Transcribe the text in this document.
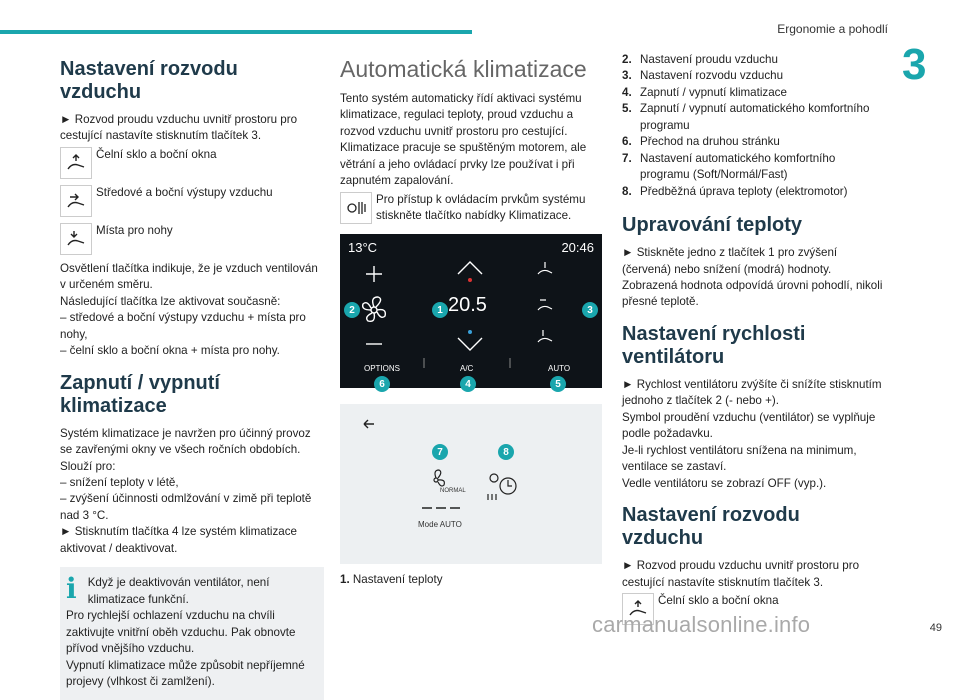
Ergonomie a pohodlí
3
Nastavení rozvodu vzduchu

► Rozvod proudu vzduchu uvnitř prostoru pro cestující nastavíte stisknutím tlačítek 3.

Čelní sklo a boční okna
Středové a boční výstupy vzduchu
Místa pro nohy

Osvětlení tlačítka indikuje, že je vzduch ventilován v určeném směru.

Následující tlačítka lze aktivovat současně:

– středové a boční výstupy vzduchu + místa pro nohy,

– čelní sklo a boční okna + místa pro nohy.

Zapnutí / vypnutí klimatizace

Systém klimatizace je navržen pro účinný provoz se zavřenými okny ve všech ročních obdobích.

Slouží pro:

– snížení teploty v létě,

– zvýšení účinnosti odmlžování v zimě při teplotě nad 3 °C.

► Stisknutím tlačítka 4 lze systém klimatizace aktivovat / deaktivovat.

i Když je deaktivován ventilátor, není klimatizace funkční.

Pro rychlejší ochlazení vzduchu na chvíli zaktivujte vnitřní oběh vzduchu. Pak obnovte přívod vnějšího vzduchu.

Vypnutí klimatizace může způsobit nepříjemné projevy (vlhkost či zamlžení).

Automatická klimatizace

Tento systém automaticky řídí aktivaci systému klimatizace, regulaci teploty, proud vzduchu a rozvod vzduchu uvnitř prostoru pro cestující. Klimatizace pracuje se spuštěným motorem, ale větrání a jeho ovládací prvky lze používat i při zapnutém zapalování.

Pro přístup k ovládacím prvkům systému stiskněte tlačítko nabídky Klimatizace.
13°C	20:46
20.5
OPTIONS	A/C	AUTO
2	1	3
6	4	5
NORMAL
Mode AUTO
7	8

1. Nastavení teploty

2. Nastavení proudu vzduchu
3. Nastavení rozvodu vzduchu
4. Zapnutí / vypnutí klimatizace
5. Zapnutí / vypnutí automatického komfortního programu
6. Přechod na druhou stránku
7. Nastavení automatického komfortního programu (Soft/Normál/Fast)
8. Předběžná úprava teploty (elektromotor)
Upravování teploty

► Stiskněte jedno z tlačítek 1 pro zvýšení (červená) nebo snížení (modrá) hodnoty.

Zobrazená hodnota odpovídá úrovni pohodlí, nikoli přesné teplotě.

Nastavení rychlosti ventilátoru

► Rychlost ventilátoru zvýšíte či snížíte stisknutím jednoho z tlačítek 2 (- nebo +).

Symbol proudění vzduchu (ventilátor) se vyplňuje podle požadavku.

Je-li rychlost ventilátoru snížena na minimum, ventilace se zastaví.

Vedle ventilátoru se zobrazí OFF (vyp.).

Nastavení rozvodu vzduchu

► Rozvod proudu vzduchu uvnitř prostoru pro cestující nastavíte stisknutím tlačítek 3.

Čelní sklo a boční okna
carmanualsonline.info	49
